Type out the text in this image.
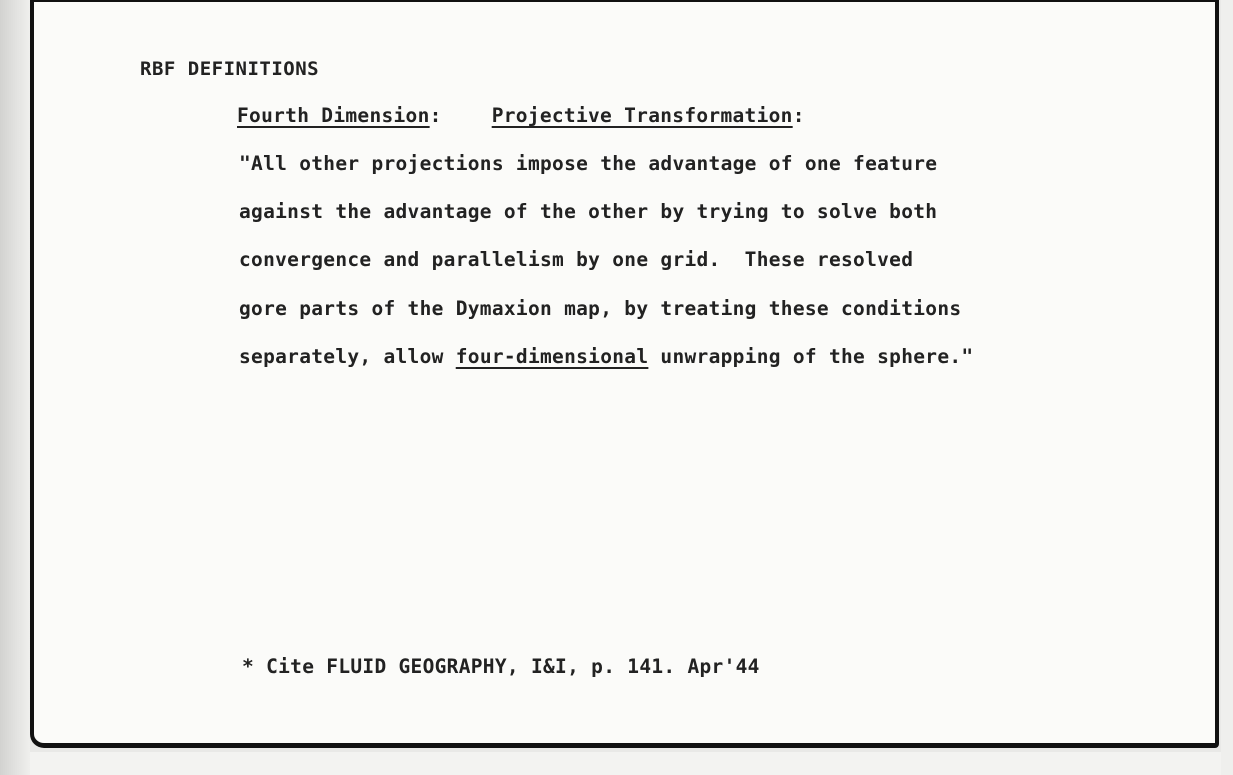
RBF DEFINITIONS
Fourth Dimension:	Projective Transformation:
"All other projections impose the advantage of one feature
against the advantage of the other by trying to solve both
convergence and parallelism by one grid.  These resolved
gore parts of the Dymaxion map, by treating these conditions
separately, allow four-dimensional unwrapping of the sphere."
* Cite FLUID GEOGRAPHY, I&I, p. 141. Apr'44
